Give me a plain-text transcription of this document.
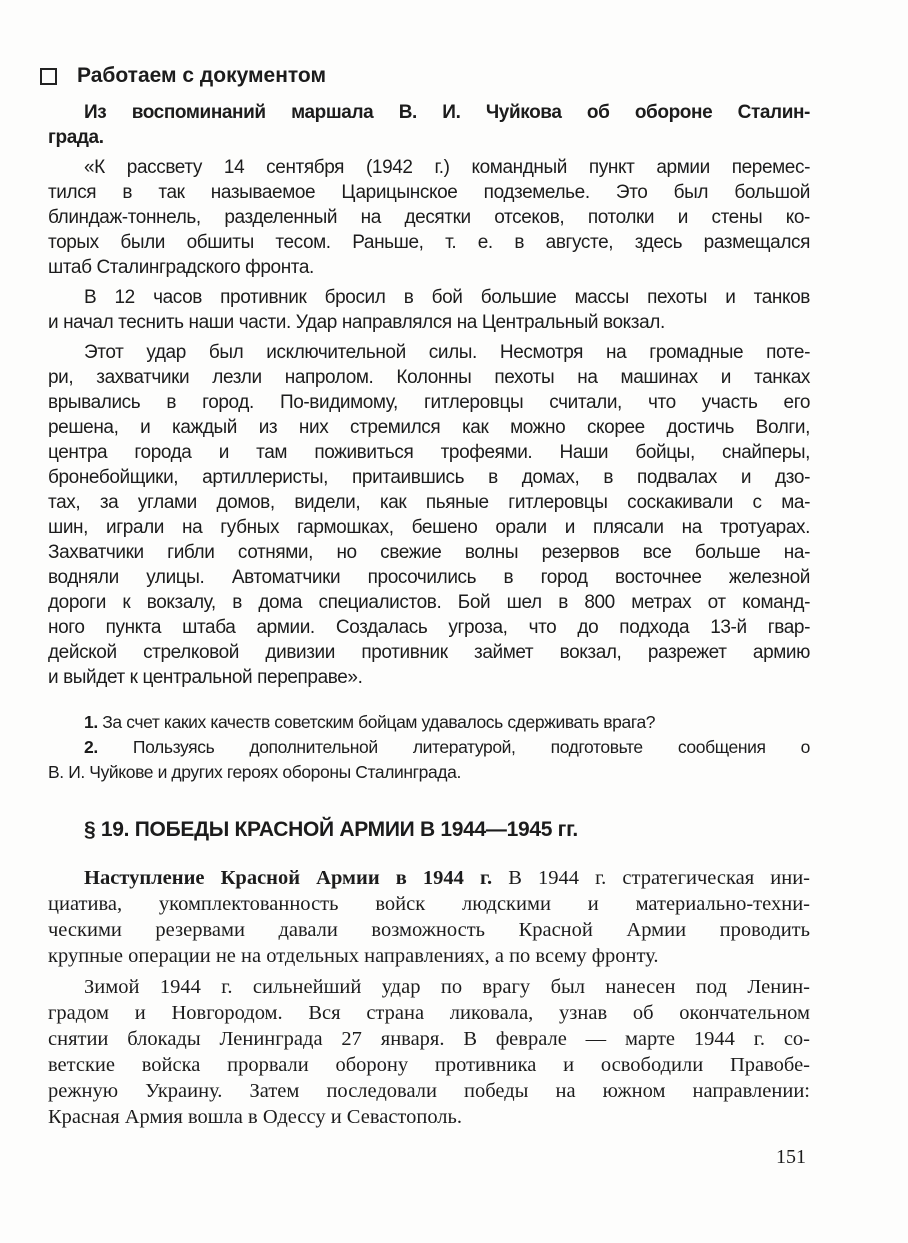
Работаем с документом
Из воспоминаний маршала В. И. Чуйкова об обороне Сталин-
града.
«К рассвету 14 сентября (1942 г.) командный пункт армии перемес-
тился в так называемое Царицынское подземелье. Это был большой
блиндаж-тоннель, разделенный на десятки отсеков, потолки и стены ко-
торых были обшиты тесом. Раньше, т. е. в августе, здесь размещался
штаб Сталинградского фронта.
В 12 часов противник бросил в бой большие массы пехоты и танков
и начал теснить наши части. Удар направлялся на Центральный вокзал.
Этот удар был исключительной силы. Несмотря на громадные поте-
ри, захватчики лезли напролом. Колонны пехоты на машинах и танках
врывались в город. По-видимому, гитлеровцы считали, что участь его
решена, и каждый из них стремился как можно скорее достичь Волги,
центра города и там поживиться трофеями. Наши бойцы, снайперы,
бронебойщики, артиллеристы, притаившись в домах, в подвалах и дзо-
тах, за углами домов, видели, как пьяные гитлеровцы соскакивали с ма-
шин, играли на губных гармошках, бешено орали и плясали на тротуарах.
Захватчики гибли сотнями, но свежие волны резервов все больше на-
водняли улицы. Автоматчики просочились в город восточнее железной
дороги к вокзалу, в дома специалистов. Бой шел в 800 метрах от команд-
ного пункта штаба армии. Создалась угроза, что до подхода 13-й гвар-
дейской стрелковой дивизии противник займет вокзал, разрежет армию
и выйдет к центральной переправе».
1. За счет каких качеств советским бойцам удавалось сдерживать врага?
2. Пользуясь дополнительной литературой, подготовьте сообщения о
В. И. Чуйкове и других героях обороны Сталинграда.
§ 19. ПОБЕДЫ КРАСНОЙ АРМИИ В 1944—1945 гг.
Наступление Красной Армии в 1944 г. В 1944 г. стратегическая ини-
циатива, укомплектованность войск людскими и материально-техни-
ческими резервами давали возможность Красной Армии проводить
крупные операции не на отдельных направлениях, а по всему фронту.
Зимой 1944 г. сильнейший удар по врагу был нанесен под Ленин-
градом и Новгородом. Вся страна ликовала, узнав об окончательном
снятии блокады Ленинграда 27 января. В феврале — марте 1944 г. со-
ветские войска прорвали оборону противника и освободили Правобе-
режную Украину. Затем последовали победы на южном направлении:
Красная Армия вошла в Одессу и Севастополь.
151
